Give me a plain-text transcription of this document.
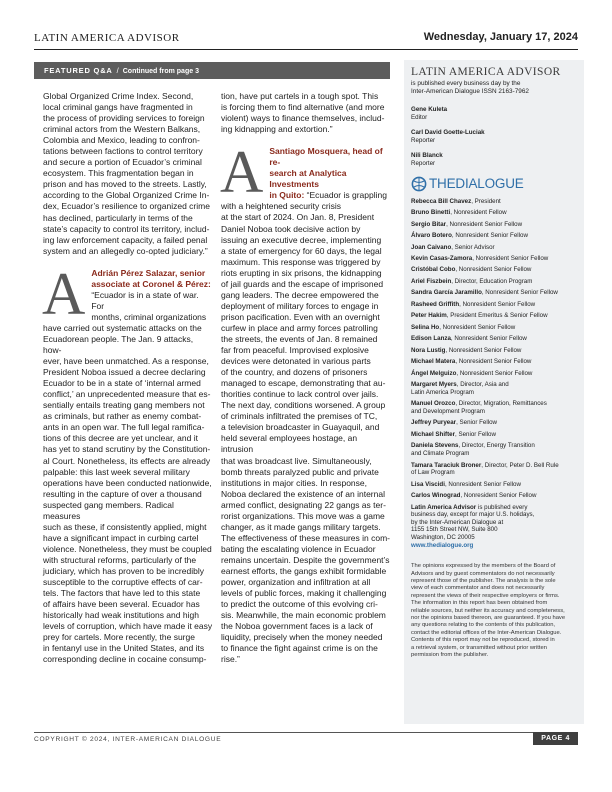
LATIN AMERICA ADVISOR	Wednesday, January 17, 2024
FEATURED Q&A / Continued from page 3
Global Organized Crime Index. Second,
local criminal gangs have fragmented in
the process of providing services to foreign
criminal actors from the Western Balkans,
Colombia and Mexico, leading to confron-
tations between factions to control territory
and secure a portion of Ecuador’s criminal
ecosystem. This fragmentation began in
prison and has moved to the streets. Lastly,
according to the Global Organized Crime In-
dex, Ecuador’s resilience to organized crime
has declined, particularly in terms of the
state’s capacity to control its territory, includ-
ing law enforcement capacity, a failed penal
system and an allegedly co-opted judiciary.”
A Adrián Pérez Salazar, senior
associate at Coronel & Pérez:
“Ecuador is in a state of war. For
months, criminal organizations
have carried out systematic attacks on the
Ecuadorean people. The Jan. 9 attacks, how-
ever, have been unmatched. As a response,
President Noboa issued a decree declaring
Ecuador to be in a state of ‘internal armed
conflict,’ an unprecedented measure that es-
sentially entails treating gang members not
as criminals, but rather as enemy combat-
ants in an open war. The full legal ramifica-
tions of this decree are yet unclear, and it
has yet to stand scrutiny by the Constitution-
al Court. Nonetheless, its effects are already
palpable: this last week several military
operations have been conducted nationwide,
resulting in the capture of over a thousand
suspected gang members. Radical measures
such as these, if consistently applied, might
have a significant impact in curbing cartel
violence. Nonetheless, they must be coupled
with structural reforms, particularly of the
judiciary, which has proven to be incredibly
susceptible to the corruptive effects of car-
tels. The factors that have led to this state
of affairs have been several. Ecuador has
historically had weak institutions and high
levels of corruption, which have made it easy
prey for cartels. More recently, the surge
in fentanyl use in the United States, and its
corresponding decline in cocaine consump-
tion, have put cartels in a tough spot. This
is forcing them to find alternative (and more
violent) ways to finance themselves, includ-
ing kidnapping and extortion.”
A Santiago Mosquera, head of re-
search at Analytica Investments
in Quito: “Ecuador is grappling
with a heightened security crisis
at the start of 2024. On Jan. 8, President
Daniel Noboa took decisive action by
issuing an executive decree, implementing
a state of emergency for 60 days, the legal
maximum. This response was triggered by
riots erupting in six prisons, the kidnapping
of jail guards and the escape of imprisoned
gang leaders. The decree empowered the
deployment of military forces to engage in
prison pacification. Even with an overnight
curfew in place and army forces patrolling
the streets, the events of Jan. 8 remained
far from peaceful. Improvised explosive
devices were detonated in various parts
of the country, and dozens of prisoners
managed to escape, demonstrating that au-
thorities continue to lack control over jails.
The next day, conditions worsened. A group
of criminals infiltrated the premises of TC,
a television broadcaster in Guayaquil, and
held several employees hostage, an intrusion
that was broadcast live. Simultaneously,
bomb threats paralyzed public and private
institutions in major cities. In response,
Noboa declared the existence of an internal
armed conflict, designating 22 gangs as ter-
rorist organizations. This move was a game
changer, as it made gangs military targets.
The effectiveness of these measures in com-
bating the escalating violence in Ecuador
remains uncertain. Despite the government’s
earnest efforts, the gangs exhibit formidable
power, organization and infiltration at all
levels of public forces, making it challenging
to predict the outcome of this evolving cri-
sis. Meanwhile, the main economic problem
the Noboa government faces is a lack of
liquidity, precisely when the money needed
to finance the fight against crime is on the
rise.”
LATIN AMERICA ADVISOR
is published every business day by the
Inter-American Dialogue ISSN 2163-7962
Gene Kuleta
Editor
Carl David Goette-Luciak
Reporter
Nili Blanck
Reporter
THEDIALOGUE
Rebecca Bill Chavez, President
Bruno Binetti, Nonresident Fellow
Sergio Bitar, Nonresident Senior Fellow
Álvaro Botero, Nonresident Senior Fellow
Joan Caivano, Senior Advisor
Kevin Casas-Zamora, Nonresident Senior Fellow
Cristóbal Cobo, Nonresident Senior Fellow
Ariel Fiszbein, Director, Education Program
Sandra García Jaramillo, Nonresident Senior Fellow
Rasheed Griffith, Nonresident Senior Fellow
Peter Hakim, President Emeritus & Senior Fellow
Selina Ho, Nonresident Senior Fellow
Edison Lanza, Nonresident Senior Fellow
Nora Lustig, Nonresident Senior Fellow
Michael Matera, Nonresident Senior Fellow
Ángel Melguizo, Nonresident Senior Fellow
Margaret Myers, Director, Asia and
Latin America Program
Manuel Orozco, Director, Migration, Remittances
and Development Program
Jeffrey Puryear, Senior Fellow
Michael Shifter, Senior Fellow
Daniela Stevens, Director, Energy Transition
and Climate Program
Tamara Taraciuk Broner, Director, Peter D. Bell Rule
of Law Program
Lisa Viscidi, Nonresident Senior Fellow
Carlos Winograd, Nonresident Senior Fellow
Latin America Advisor is published every
business day, except for major U.S. holidays,
by the Inter-American Dialogue at
1155 15th Street NW, Suite 800
Washington, DC 20005
www.thedialogue.org
The opinions expressed by the members of the Board of
Advisors and by guest commentators do not necessarily
represent those of the publisher. The analysis is the sole
view of each commentator and does not necessarily
represent the views of their respective employers or firms.
The information in this report has been obtained from
reliable sources, but neither its accuracy and completeness,
nor the opinions based thereon, are guaranteed. If you have
any questions relating to the contents of this publication,
contact the editorial offices of the Inter-American Dialogue.
Contents of this report may not be reproduced, stored in
a retrieval system, or transmitted without prior written
permission from the publisher.
COPYRIGHT © 2024, INTER-AMERICAN DIALOGUE	PAGE 4
